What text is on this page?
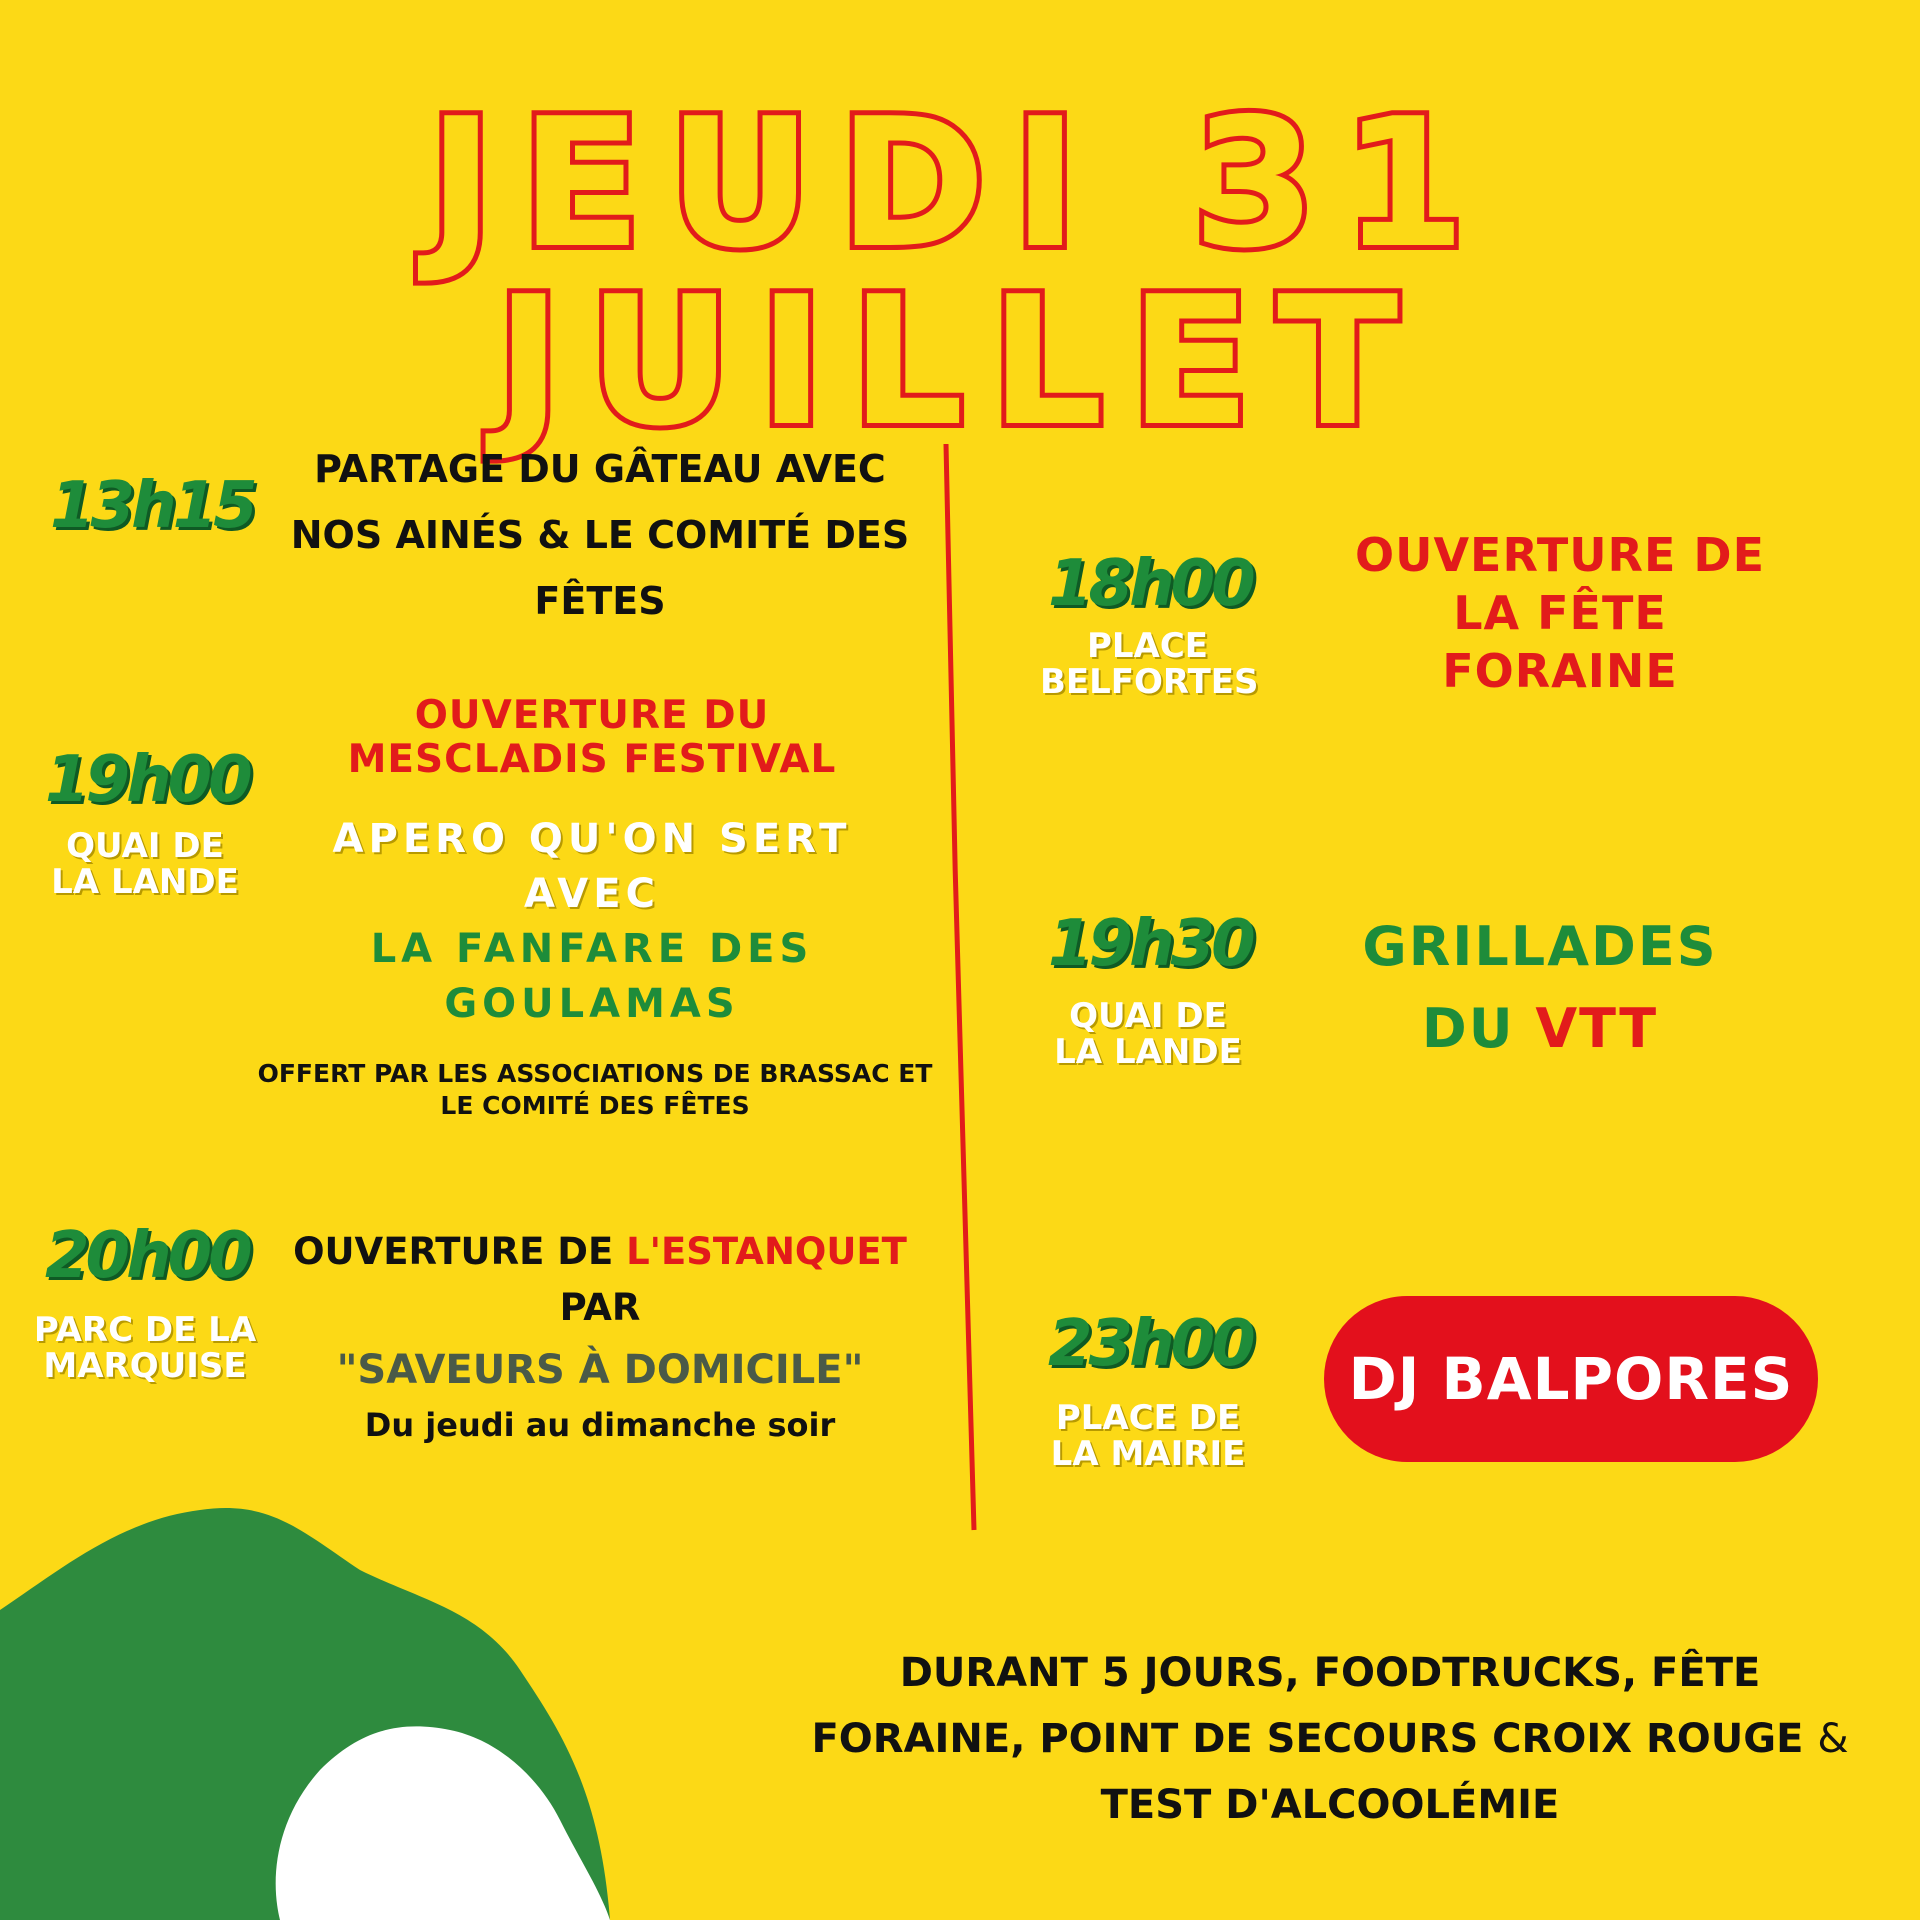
JEUDI 31 JUILLET
13h15	PARTAGE DU GÂTEAU AVEC
NOS AINÉS & LE COMITÉ DES
FÊTES
19h00
QUAI DE
LA LANDE
OUVERTURE DU
MESCLADIS FESTIVAL
APERO QU'ON SERT
AVEC
LA FANFARE DES
GOULAMAS
OFFERT PAR LES ASSOCIATIONS DE BRASSAC ET
LE COMITÉ DES FÊTES
20h00
PARC DE LA
MARQUISE
OUVERTURE DE L'ESTANQUET
PAR
"SAVEURS À DOMICILE"
Du jeudi au dimanche soir
18h00
PLACE
BELFORTES
OUVERTURE DE
LA FÊTE
FORAINE
19h30
QUAI DE
LA LANDE
GRILLADES
DU VTT
23h00
PLACE DE
LA MAIRIE
DJ BALPORES
DURANT 5 JOURS, FOODTRUCKS, FÊTE
FORAINE, POINT DE SECOURS CROIX ROUGE &
TEST D'ALCOOLÉMIE
